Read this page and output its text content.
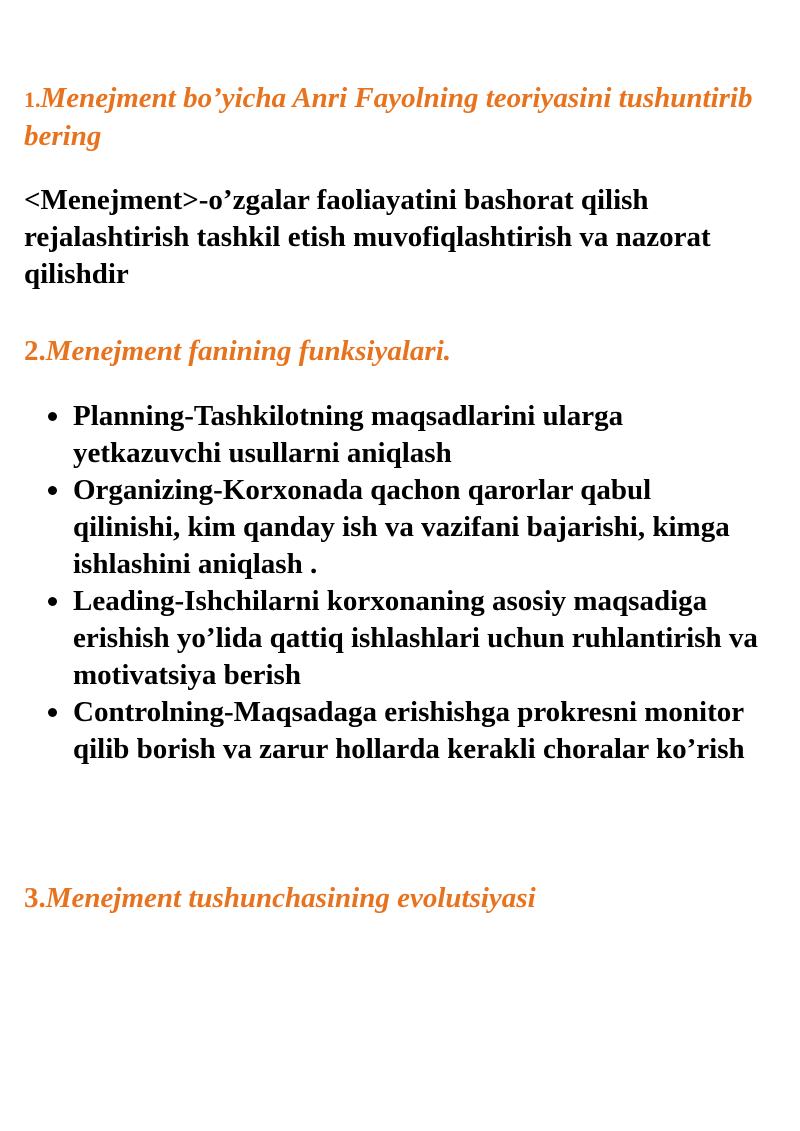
1.Menejment bo’yicha Anri Fayolning teoriyasini tushuntirib bering

<Menejment>-o’zgalar faoliayatini bashorat qilish rejalashtirish tashkil etish muvofiqlashtirish va nazorat qilishdir

2.Menejment fanining funksiyalari.
Planning-Tashkilotning maqsadlarini ularga yetkazuvchi usullarni aniqlash
Organizing-Korxonada qachon qarorlar qabul qilinishi, kim qanday ish va vazifani bajarishi, kimga ishlashini aniqlash .
Leading-Ishchilarni korxonaning asosiy maqsadiga erishish yo’lida qattiq ishlashlari uchun ruhlantirish va motivatsiya berish
Controlning-Maqsadaga erishishga prokresni monitor qilib borish va zarur hollarda kerakli choralar ko’rish
3.Menejment tushunchasining evolutsiyasi
